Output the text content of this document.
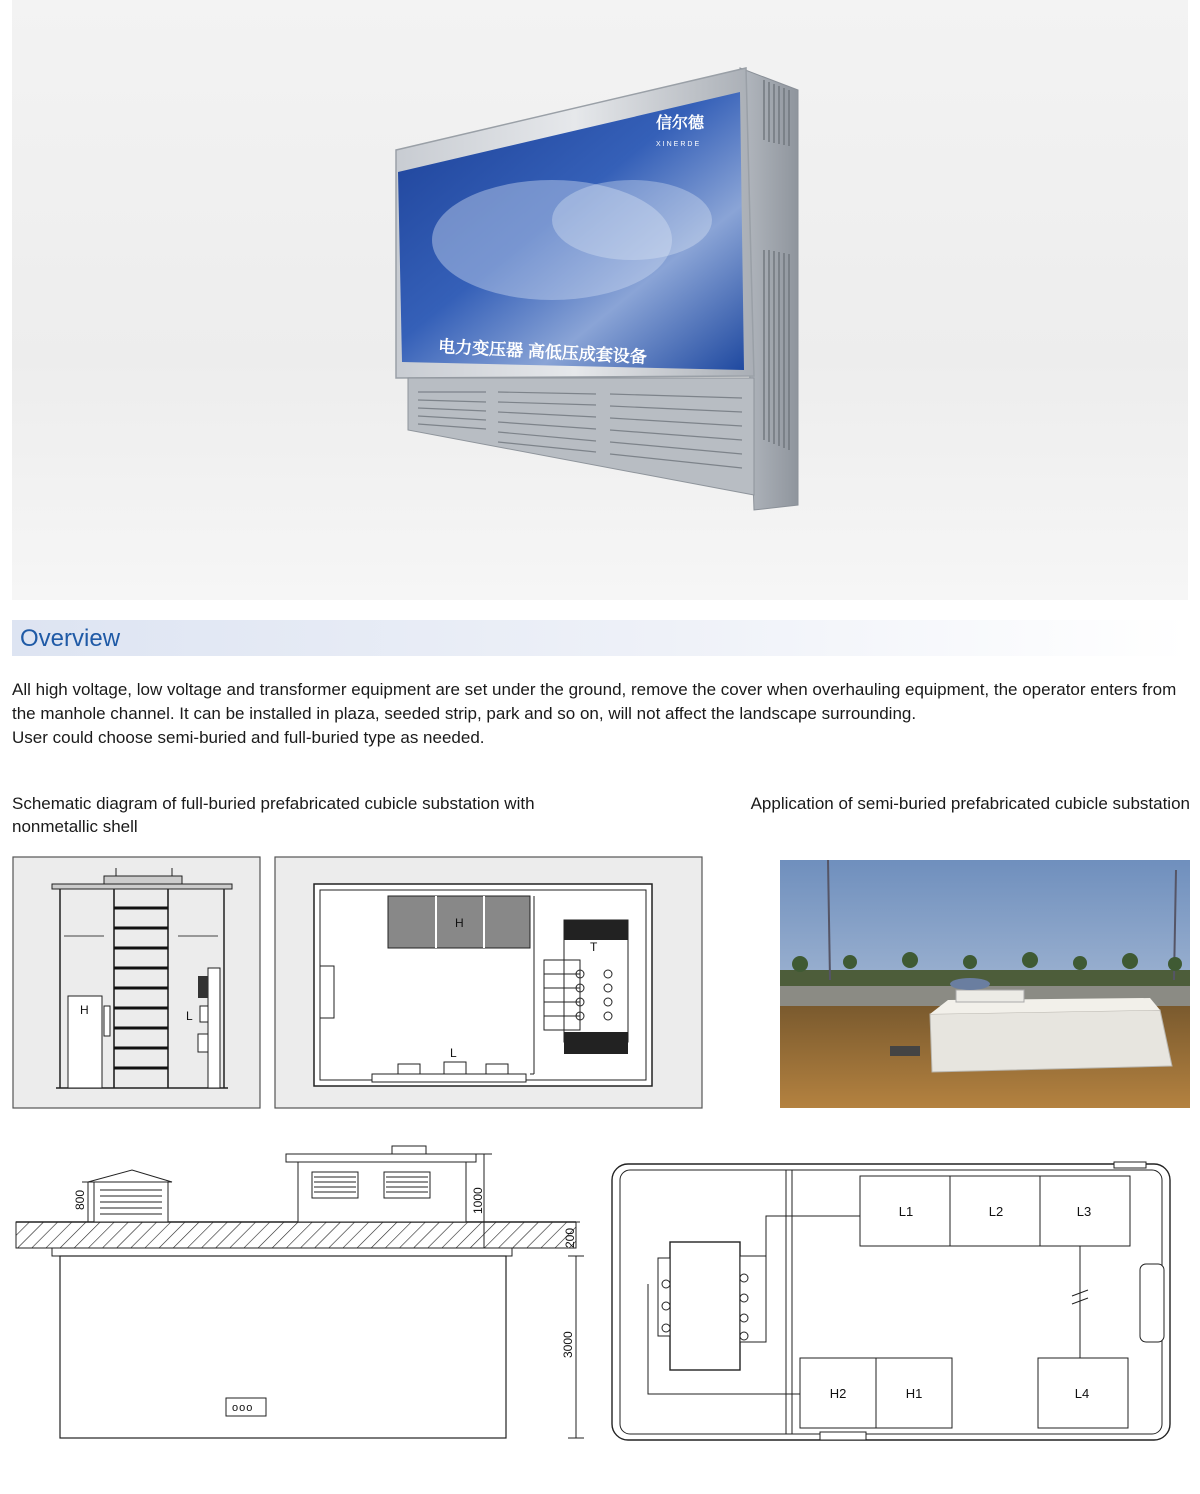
信尔德
XINERDE
电力变压器 高低压成套设备
Overview

All high voltage, low voltage and transformer equipment are set under the ground, remove the cover when overhauling equipment, the operator enters from the manhole channel. It can be installed in plaza, seeded strip, park and so on, will not affect the landscape surrounding.

User could choose semi-buried and full-buried type as needed.

Schematic diagram of full-buried prefabricated cubicle substation with nonmetallic shell
Application of semi-buried prefabricated cubicle substation
H	L
H
T
L
800	1000
200
3000
ooo
L1	L2	L3
H2	H1	L4
